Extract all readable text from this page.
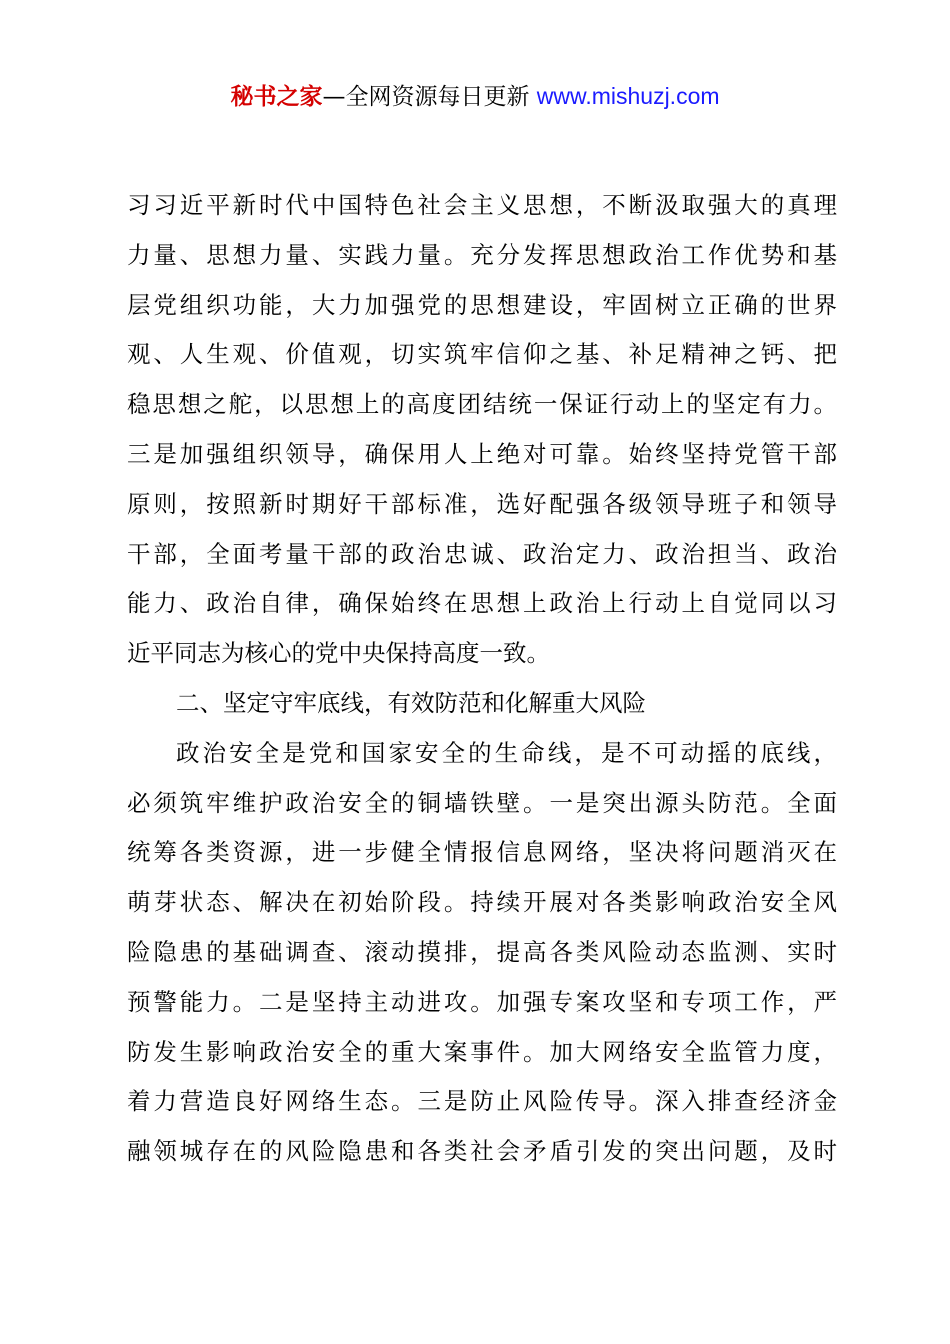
秘书之家—全网资源每日更新 www.mishuzj.com
习习近平新时代中国特色社会主义思想，不断汲取强大的真理
力量、思想力量、实践力量。充分发挥思想政治工作优势和基
层党组织功能，大力加强党的思想建设，牢固树立正确的世界
观、人生观、价值观，切实筑牢信仰之基、补足精神之钙、把
稳思想之舵，以思想上的高度团结统一保证行动上的坚定有力。
三是加强组织领导，确保用人上绝对可靠。始终坚持党管干部
原则，按照新时期好干部标准，选好配强各级领导班子和领导
干部，全面考量干部的政治忠诚、政治定力、政治担当、政治
能力、政治自律，确保始终在思想上政治上行动上自觉同以习
近平同志为核心的党中央保持高度一致。
二、坚定守牢底线，有效防范和化解重大风险
政治安全是党和国家安全的生命线，是不可动摇的底线，
必须筑牢维护政治安全的铜墙铁壁。一是突出源头防范。全面
统筹各类资源，进一步健全情报信息网络，坚决将问题消灭在
萌芽状态、解决在初始阶段。持续开展对各类影响政治安全风
险隐患的基础调查、滚动摸排，提高各类风险动态监测、实时
预警能力。二是坚持主动进攻。加强专案攻坚和专项工作，严
防发生影响政治安全的重大案事件。加大网络安全监管力度，
着力营造良好网络生态。三是防止风险传导。深入排查经济金
融领城存在的风险隐患和各类社会矛盾引发的突出问题，及时
